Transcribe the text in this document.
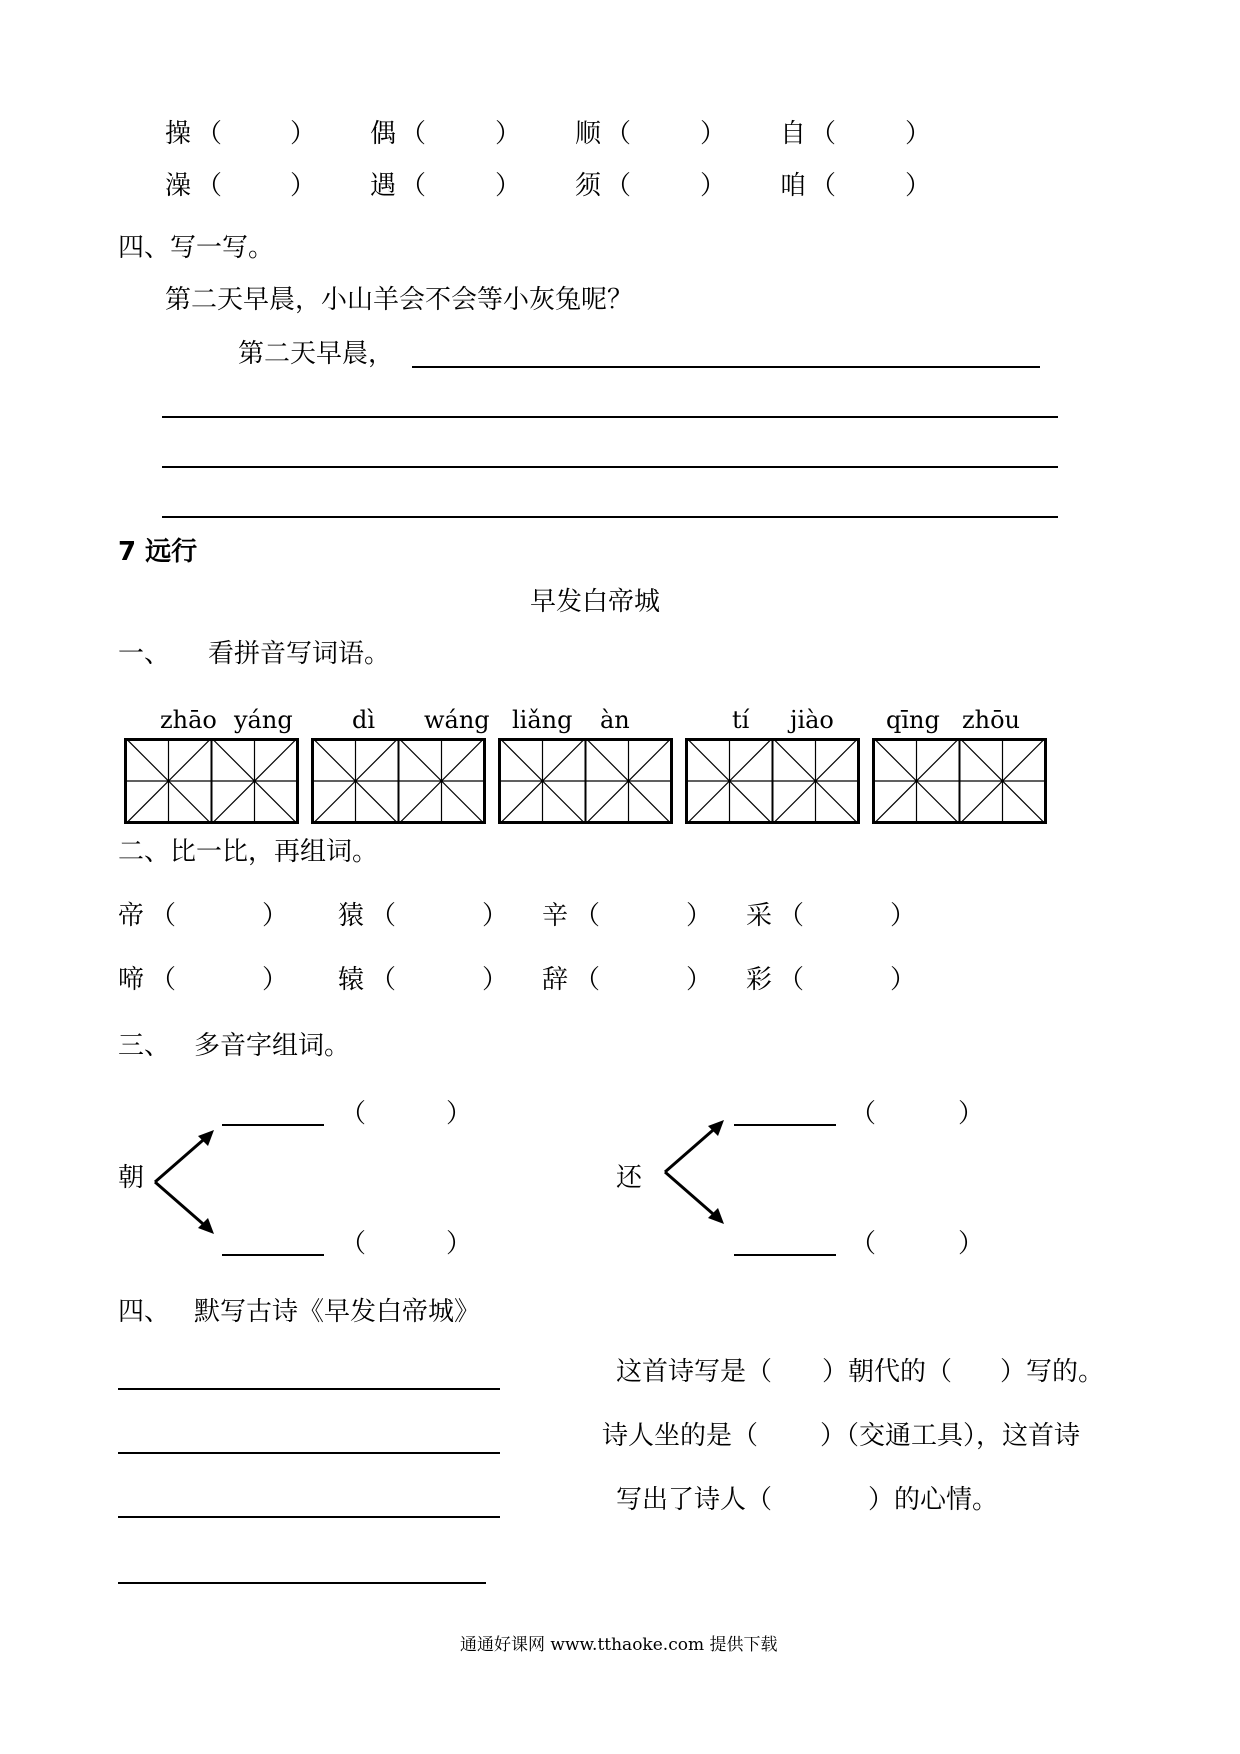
操 （	） 偶 （	） 顺 （	） 自 （	）
澡 （	） 遇 （	） 须 （	） 咱 （	）
四、写一写。
第二天早晨，小山羊会不会等小灰兔呢？
第二天早晨，
7 远行
早发白帝城
一、 看拼音写词语。
zhāo yáng dì wáng liǎng àn	tí jiào qīng zhōu
二、比一比，再组词。
帝 （	） 猿 （	） 辛 （	） 采 （	）
啼 （	） 辕 （	） 辞 （	） 彩 （	）
三、 多音字组词。
朝
（	）
（	）
还
（	）
（	）
四、 默写古诗《早发白帝城》
这首诗写是（ ）朝代的（ ）写的。
诗人坐的是（ ）（交通工具），这首诗
写出了诗人（	）的心情。
通通好课网 www.tthaoke.com 提供下载
